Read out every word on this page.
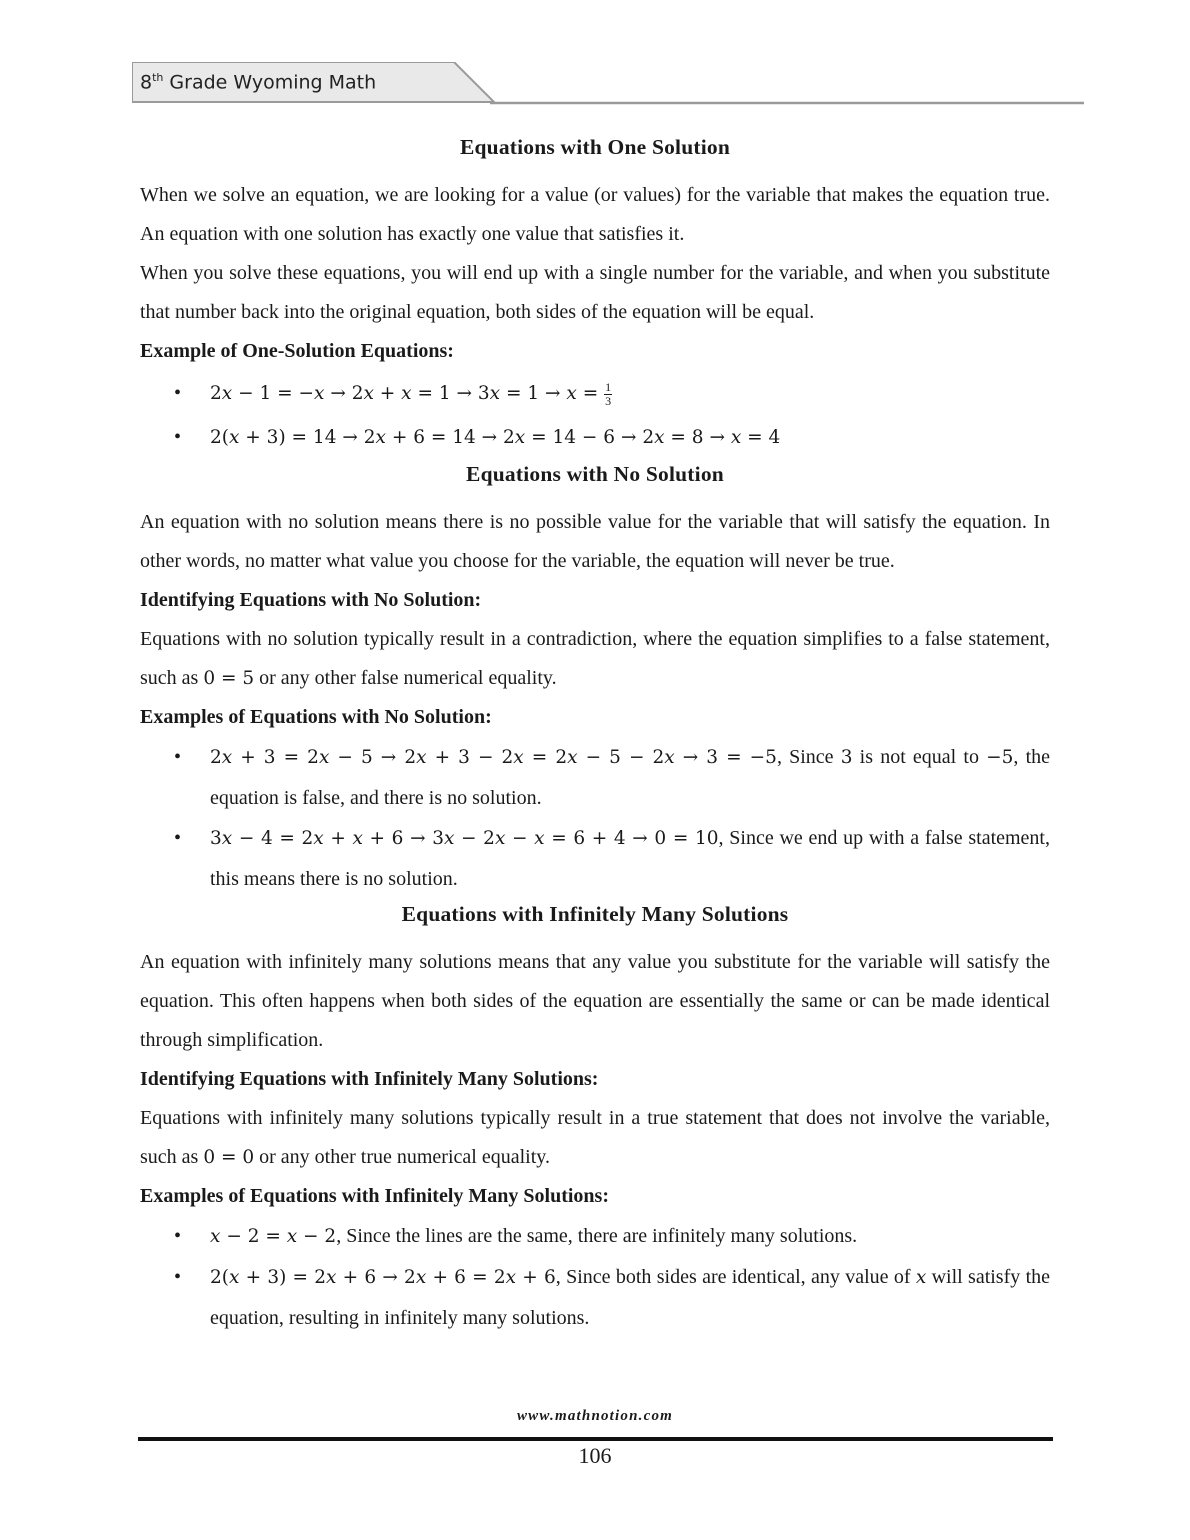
8th Grade Wyoming Math
Equations with One Solution

When we solve an equation, we are looking for a value (or values) for the variable that makes the equation true. An equation with one solution has exactly one value that satisfies it.

When you solve these equations, you will end up with a single number for the variable, and when you substitute that number back into the original equation, both sides of the equation will be equal.

Example of One-Solution Equations:
• 2𝑥 − 1 = −𝑥 → 2𝑥 + 𝑥 = 1 → 3𝑥 = 1 → 𝑥 = $\frac{1}{3}$
• 2(𝑥 + 3) = 14 → 2𝑥 + 6 = 14 → 2𝑥 = 14 − 6 → 2𝑥 = 8 → 𝑥 = 4
Equations with No Solution

An equation with no solution means there is no possible value for the variable that will satisfy the equation. In other words, no matter what value you choose for the variable, the equation will never be true.

Identifying Equations with No Solution:

Equations with no solution typically result in a contradiction, where the equation simplifies to a false statement, such as 0 = 5 or any other false numerical equality.

Examples of Equations with No Solution:
• 2𝑥 + 3 = 2𝑥 − 5 → 2𝑥 + 3 − 2𝑥 = 2𝑥 − 5 − 2𝑥 → 3 = −5, Since 3 is not equal to −5, the equation is false, and there is no solution.
• 3𝑥 − 4 = 2𝑥 + 𝑥 + 6 → 3𝑥 − 2𝑥 − 𝑥 = 6 + 4 → 0 = 10, Since we end up with a false statement, this means there is no solution.
Equations with Infinitely Many Solutions

An equation with infinitely many solutions means that any value you substitute for the variable will satisfy the equation. This often happens when both sides of the equation are essentially the same or can be made identical through simplification.

Identifying Equations with Infinitely Many Solutions:

Equations with infinitely many solutions typically result in a true statement that does not involve the variable, such as 0 = 0 or any other true numerical equality.

Examples of Equations with Infinitely Many Solutions:
• 𝑥 − 2 = 𝑥 − 2, Since the lines are the same, there are infinitely many solutions.
• 2(𝑥 + 3) = 2𝑥 + 6 → 2𝑥 + 6 = 2𝑥 + 6, Since both sides are identical, any value of 𝑥 will satisfy the equation, resulting in infinitely many solutions.
www.mathnotion.com
106
